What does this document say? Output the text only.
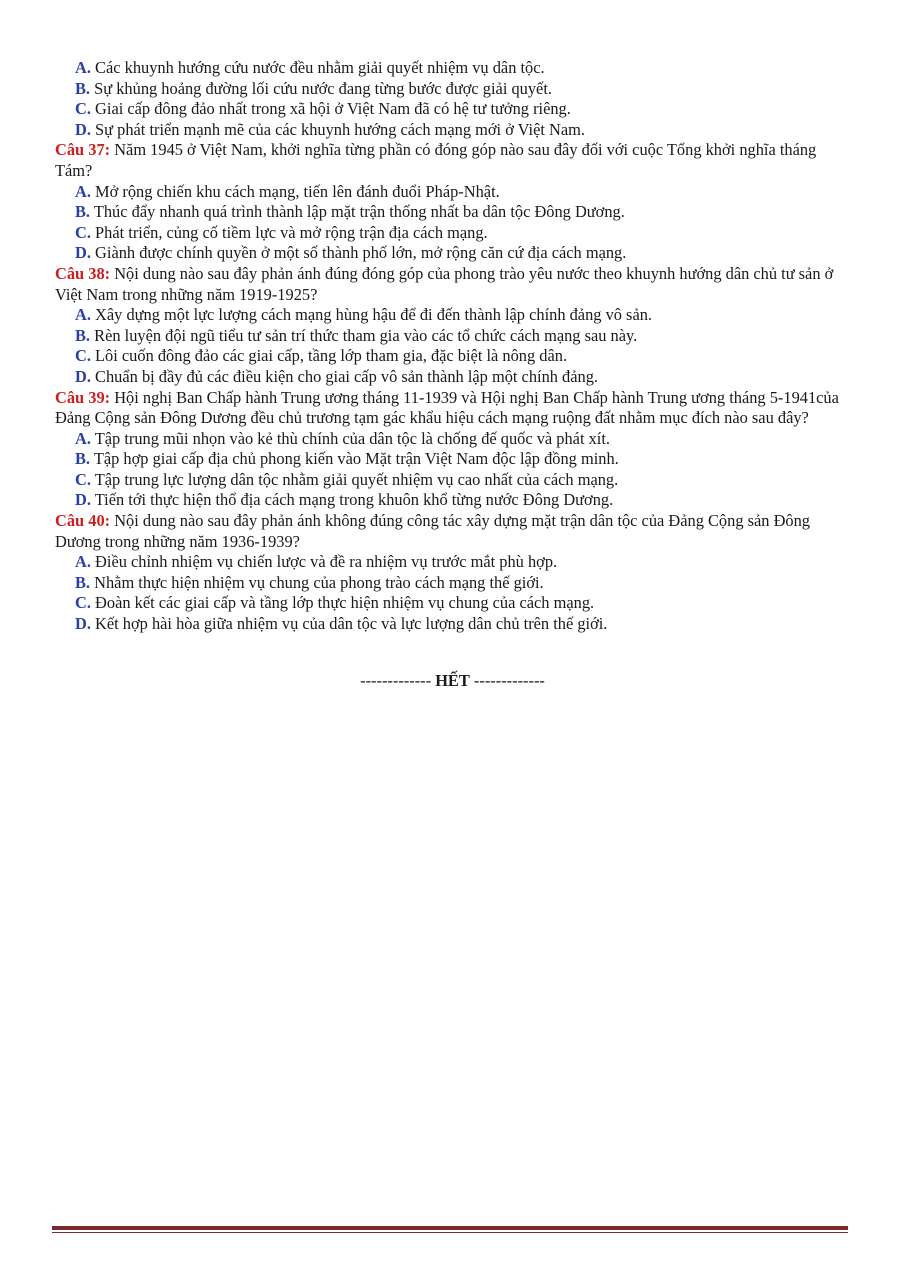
A. Các khuynh hướng cứu nước đều nhằm giải quyết nhiệm vụ dân tộc.
B. Sự khủng hoảng đường lối cứu nước đang từng bước được giải quyết.
C. Giai cấp đông đảo nhất trong xã hội ở Việt Nam đã có hệ tư tưởng riêng.
D. Sự phát triển mạnh mẽ của các khuynh hướng cách mạng mới ở Việt Nam.
Câu 37: Năm 1945 ở Việt Nam, khởi nghĩa từng phần có đóng góp nào sau đây đối với cuộc Tổng khởi nghĩa tháng Tám?
A. Mở rộng chiến khu cách mạng, tiến lên đánh đuổi Pháp-Nhật.
B. Thúc đẩy nhanh quá trình thành lập mặt trận thống nhất ba dân tộc Đông Dương.
C. Phát triển, củng cố tiềm lực và mở rộng trận địa cách mạng.
D. Giành được chính quyền ở một số thành phố lớn, mở rộng căn cứ địa cách mạng.
Câu 38: Nội dung nào sau đây phản ánh đúng đóng góp của phong trào yêu nước theo khuynh hướng dân chủ tư sản ở Việt Nam trong những năm 1919-1925?
A. Xây dựng một lực lượng cách mạng hùng hậu để đi đến thành lập chính đảng vô sản.
B. Rèn luyện đội ngũ tiểu tư sản trí thức tham gia vào các tổ chức cách mạng sau này.
C. Lôi cuốn đông đảo các giai cấp, tầng lớp tham gia, đặc biệt là nông dân.
D. Chuẩn bị đầy đủ các điều kiện cho giai cấp vô sản thành lập một chính đảng.
Câu 39: Hội nghị Ban Chấp hành Trung ương tháng 11-1939 và Hội nghị Ban Chấp hành Trung ương tháng 5-1941của Đảng Cộng sản Đông Dương đều chủ trương tạm gác khẩu hiệu cách mạng ruộng đất nhằm mục đích nào sau đây?
A. Tập trung mũi nhọn vào kẻ thù chính của dân tộc là chống đế quốc và phát xít.
B. Tập hợp giai cấp địa chủ phong kiến vào Mặt trận Việt Nam độc lập đồng minh.
C. Tập trung lực lượng dân tộc nhằm giải quyết nhiệm vụ cao nhất của cách mạng.
D. Tiến tới thực hiện thổ địa cách mạng trong khuôn khổ từng nước Đông Dương.
Câu 40: Nội dung nào sau đây phản ánh không đúng công tác xây dựng mặt trận dân tộc của Đảng Cộng sản Đông Dương trong những năm 1936-1939?
A. Điều chỉnh nhiệm vụ chiến lược và đề ra nhiệm vụ trước mắt phù hợp.
B. Nhằm thực hiện nhiệm vụ chung của phong trào cách mạng thế giới.
C. Đoàn kết các giai cấp và tầng lớp thực hiện nhiệm vụ chung của cách mạng.
D. Kết hợp hài hòa giữa nhiệm vụ của dân tộc và lực lượng dân chủ trên thế giới.
------------- HẾT -------------
